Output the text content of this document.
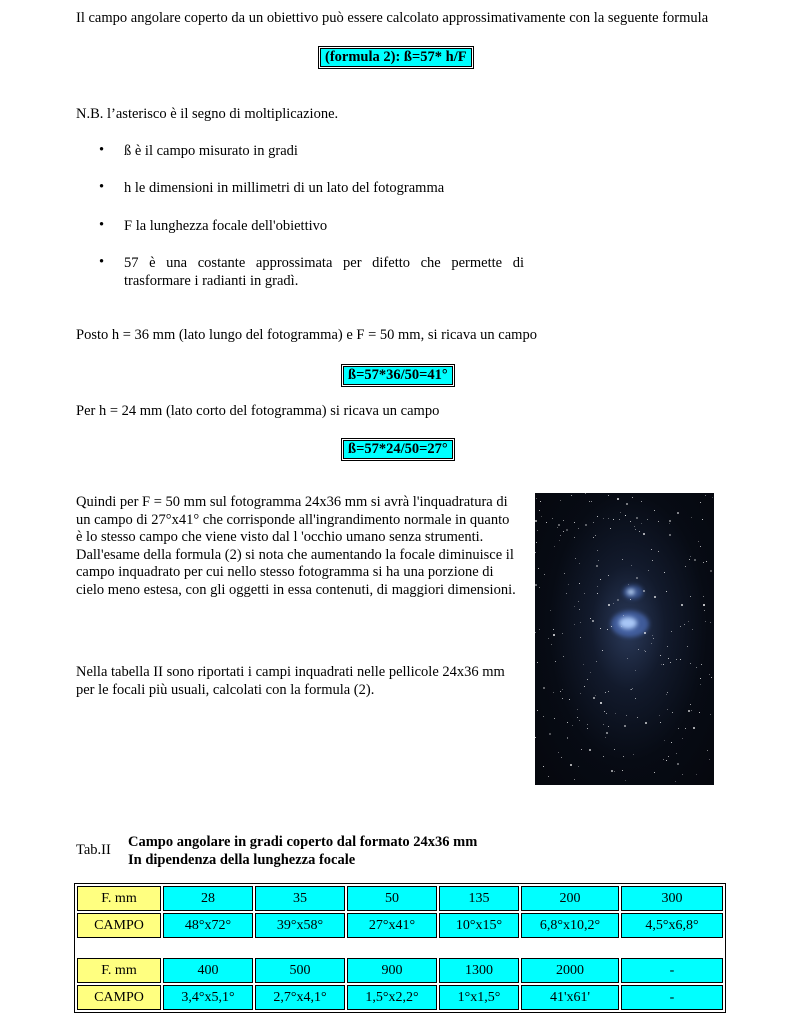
Il campo angolare coperto da un obiettivo può essere calcolato approssimativamente con la seguente formula
(formula 2): ß=57* h/F
N.B. l’asterisco è il segno di moltiplicazione.
• ß è il campo misurato in gradi
• h le dimensioni in millimetri di un lato del fotogramma
• F la lunghezza focale dell'obiettivo
• 57 è una costante approssimata per difetto che permette di trasformare i radianti in gradì.
Posto h = 36 mm (lato lungo del fotogramma) e F = 50 mm, si ricava un campo
ß=57*36/50=41°
Per h = 24 mm (lato corto del fotogramma) si ricava un campo
ß=57*24/50=27°
Quindi per F = 50 mm sul fotogramma 24x36 mm si avrà l'inquadratura di un campo di 27°x41° che corrisponde all'ingrandimento normale in quanto è lo stesso campo che viene visto dal l 'occhio umano senza strumenti. Dall'esame della formula (2) si nota che aumentando la focale diminuisce il campo inquadrato per cui nello stesso fotogramma si ha una porzione di cielo meno estesa, con gli oggetti in essa contenuti, di maggiori dimensioni.
Nella tabella II sono riportati i campi inquadrati nelle pellicole 24x36 mm per le focali più usuali, calcolati con la formula (2).
Tab.II Campo angolare in gradi coperto dal formato 24x36 mm
In dipendenza della lunghezza focale
F. mm	28	35	50	135	200	300
CAMPO	48°x72°	39°x58°	27°x41°	10°x15°	6,8°x10,2°	4,5°x6,8°

F. mm	400	500	900	1300	2000	-
CAMPO	3,4°x5,1°	2,7°x4,1°	1,5°x2,2°	1°x1,5°	41'x61'	-
